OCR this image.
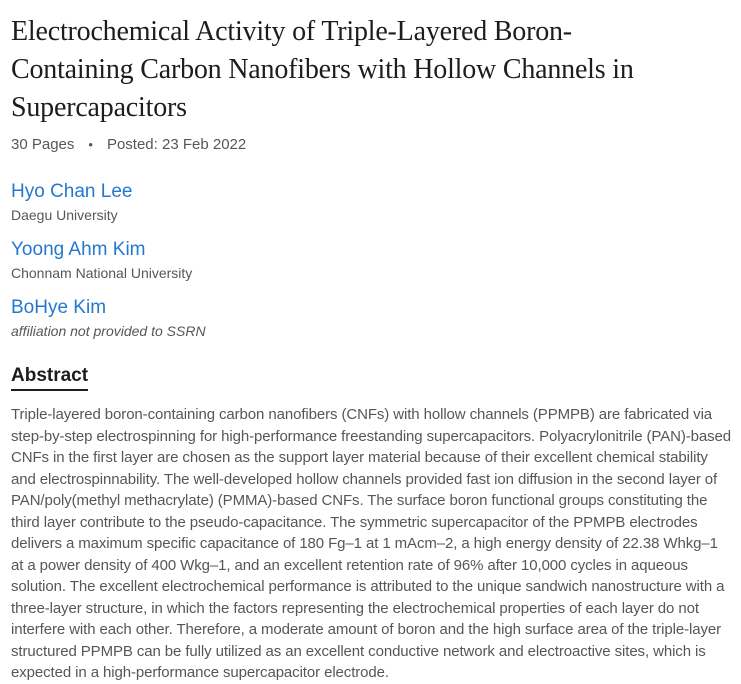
Electrochemical Activity of Triple-Layered Boron-Containing Carbon Nanofibers with Hollow Channels in Supercapacitors
30 Pages • Posted: 23 Feb 2022
Hyo Chan Lee
Daegu University
Yoong Ahm Kim
Chonnam National University
BoHye Kim
affiliation not provided to SSRN
Abstract

Triple-layered boron-containing carbon nanofibers (CNFs) with hollow channels (PPMPB) are fabricated via step-by-step electrospinning for high-performance freestanding supercapacitors. Polyacrylonitrile (PAN)-based CNFs in the first layer are chosen as the support layer material because of their excellent chemical stability and electrospinnability. The well-developed hollow channels provided fast ion diffusion in the second layer of PAN/poly(methyl methacrylate) (PMMA)-based CNFs. The surface boron functional groups constituting the third layer contribute to the pseudo-capacitance. The symmetric supercapacitor of the PPMPB electrodes delivers a maximum specific capacitance of 180 Fg–1 at 1 mAcm–2, a high energy density of 22.38 Whkg–1 at a power density of 400 Wkg–1, and an excellent retention rate of 96% after 10,000 cycles in aqueous solution. The excellent electrochemical performance is attributed to the unique sandwich nanostructure with a three-layer structure, in which the factors representing the electrochemical properties of each layer do not interfere with each other. Therefore, a moderate amount of boron and the high surface area of the triple-layer structured PPMPB can be fully utilized as an excellent conductive network and electroactive sites, which is expected in a high-performance supercapacitor electrode.
